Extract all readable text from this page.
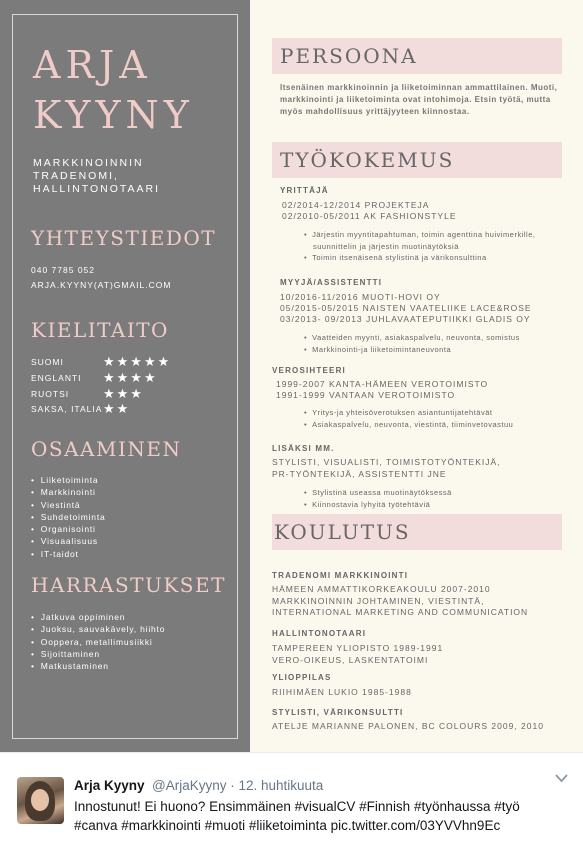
ARJA
KYYNY
MARKKINOINNIN
TRADENOMI,
HALLINTONOTAARI
YHTEYSTIEDOT
040 7785 052
ARJA.KYYNY(AT)GMAIL.COM
KIELITAITO
SUOMI	★★★★★
ENGLANTI ★★★★
RUOTSI	★★★
SAKSA, ITALIA ★★
OSAAMINEN
• Liiketoiminta
• Markkinointi
• Viestintä
• Suhdetoiminta
• Organisointi
• Visuaalisuus
• IT-taidot
HARRASTUKSET
• Jatkuva oppiminen
• Juoksu, sauvakävely, hiihto
• Ooppera, metallimusiikki
• Sijoittaminen
• Matkustaminen
PERSOONA
Itsenäinen markkinoinnin ja liiketoiminnan ammattilainen. Muoti, markkinointi ja liiketoiminta ovat intohimoja. Etsin työtä, mutta myös mahdollisuus yrittäjyyteen kiinnostaa.
TYÖKOKEMUS
YRITTÄJÄ
02/2014-12/2014 PROJEKTEJA
02/2010-05/2011 AK FASHIONSTYLE
• Järjestin myyntitapahtuman, toimin agenttina huivimerkille, suunnittelin ja järjestin muotinäytöksiä
• Toimin itsenäisenä stylistinä ja värikonsulttina
MYYJÄ/ASSISTENTTI
10/2016-11/2016 MUOTI-HOVI OY
05/2015-05/2015 NAISTEN VAATELIIKE LACE&ROSE
03/2013- 09/2013 JUHLAVAATEPUTIIKKI GLADIS OY
• Vaatteiden myynti, asiakaspalvelu, neuvonta, somistus
• Markkinointi-ja liiketoimintaneuvonta
VEROSIHTEERI
1999-2007 KANTA-HÄMEEN VEROTOIMISTO
1991-1999 VANTAAN VEROTOIMISTO
• Yritys-ja yhteisöverotuksen asiantuntijatehtävät
• Asiakaspalvelu, neuvonta, viestintä, tiiminvetovastuu
LISÄKSI MM.
STYLISTI, VISUALISTI, TOIMISTOTYÖNTEKIJÄ,
PR-TYÖNTEKIJÄ, ASSISTENTTI JNE
• Stylistinä useassa muotinäytöksessä
• Kiinnostavia lyhyitä työtehtäviä
KOULUTUS
TRADENOMI MARKKINOINTI
HÄMEEN AMMATTIKORKEAKOULU 2007-2010
MARKKINOINNIN JOHTAMINEN, VIESTINTÄ,
INTERNATIONAL MARKETING AND COMMUNICATION
HALLINTONOTAARI
TAMPEREEN YLIOPISTO 1989-1991
VERO-OIKEUS, LASKENTATOIMI
YLIOPPILAS
RIIHIMÄEN LUKIO 1985-1988
STYLISTI, VÄRIKONSULTTI
ATELJE MARIANNE PALONEN, BC COLOURS 2009, 2010
Arja Kyyny @ArjaKyyny · 12. huhtikuuta
Innostunut! Ei huono? Ensimmäinen #visualCV #Finnish #työnhaussa #työ #canva #markkinointi #muoti #liiketoiminta pic.twitter.com/03YVVhn9Ec
